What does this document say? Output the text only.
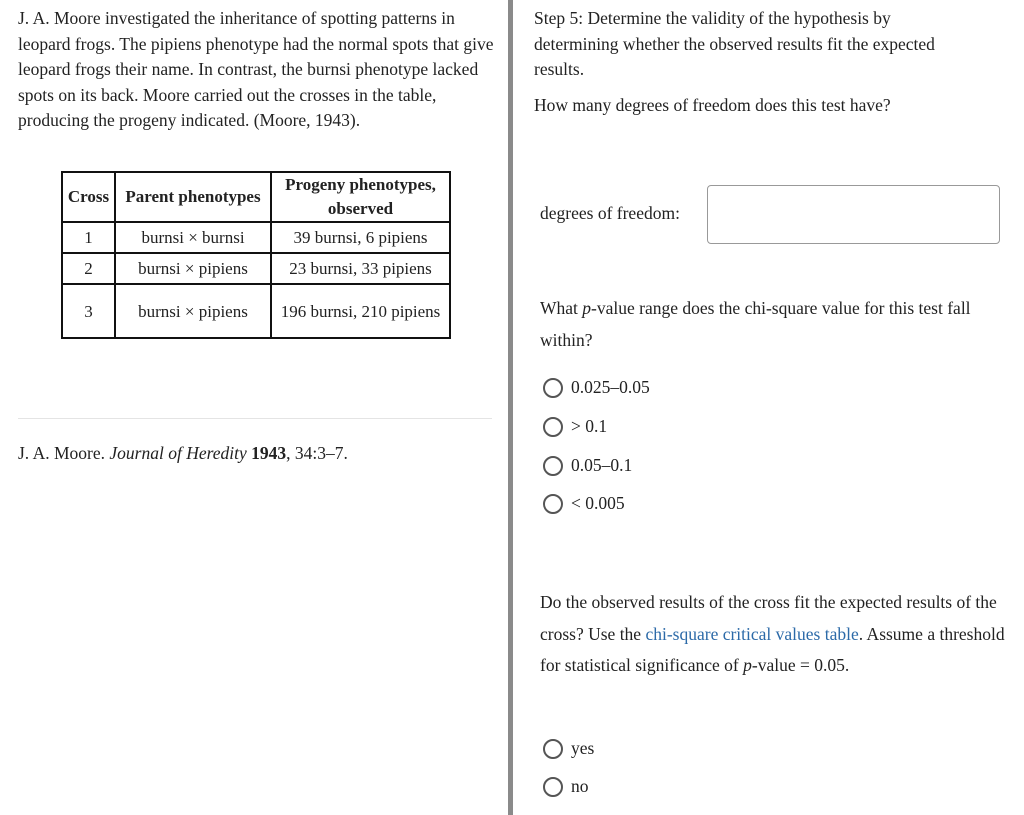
J. A. Moore investigated the inheritance of spotting patterns in leopard frogs. The pipiens phenotype had the normal spots that give leopard frogs their name. In contrast, the burnsi phenotype lacked spots on its back. Moore carried out the crosses in the table, producing the progeny indicated. (Moore, 1943).

Cross	Parent phenotypes	Progeny phenotypes, observed
1	burnsi × burnsi	39 burnsi, 6 pipiens
2	burnsi × pipiens	23 burnsi, 33 pipiens
3	burnsi × pipiens	196 burnsi, 210 pipiens

J. A. Moore. Journal of Heredity 1943, 34:3–7.

Step 5: Determine the validity of the hypothesis by determining whether the observed results fit the expected results.

How many degrees of freedom does this test have?

degrees of freedom:

What p-value range does the chi-square value for this test fall within?

0.025–0.05
> 0.1
0.05–0.1
< 0.005

Do the observed results of the cross fit the expected results of the cross? Use the chi-square critical values table. Assume a threshold for statistical significance of p-value = 0.05.

yes
no
